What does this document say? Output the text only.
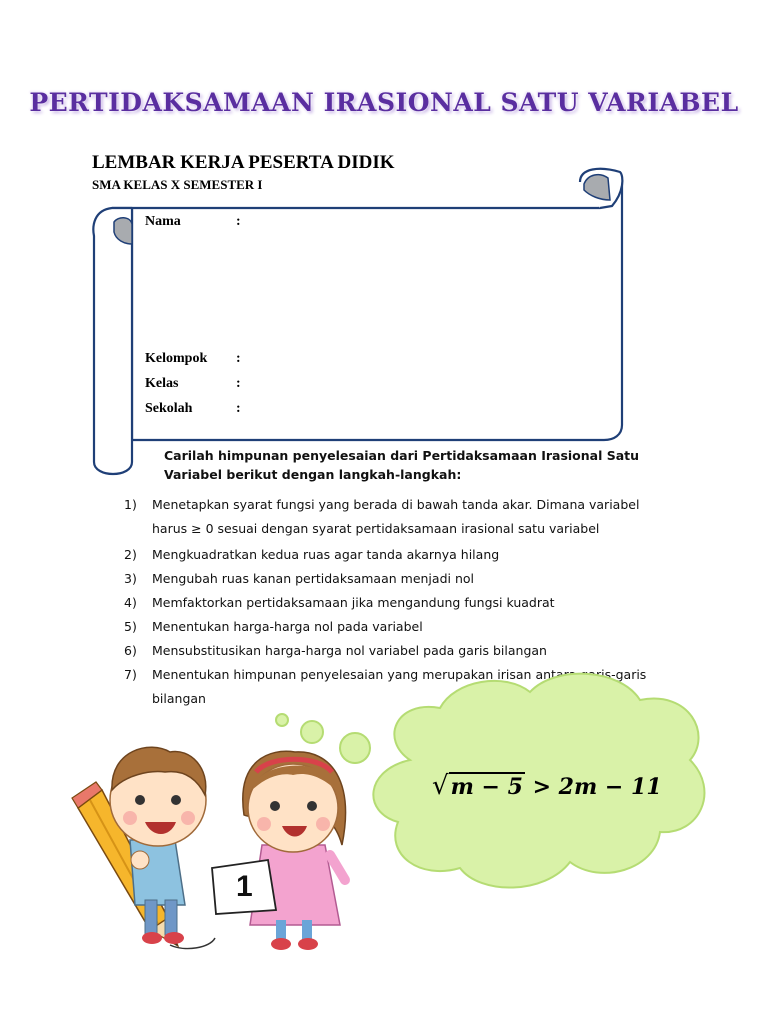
PERTIDAKSAMAAN IRASIONAL SATU VARIABEL
LEMBAR KERJA PESERTA DIDIK
SMA KELAS X SEMESTER I
Nama	:
Kelompok :
Kelas	:
Sekolah	:
Carilah himpunan penyelesaian dari Pertidaksamaan Irasional Satu Variabel berikut dengan langkah-langkah:
1)	Menetapkan syarat fungsi yang berada di bawah tanda akar. Dimana variabel harus ≥ 0 sesuai dengan syarat pertidaksamaan irasional satu variabel
2)	Mengkuadratkan kedua ruas agar tanda akarnya hilang
3)	Mengubah ruas kanan pertidaksamaan menjadi nol
4)	Memfaktorkan pertidaksamaan jika mengandung fungsi kuadrat
5)	Menentukan harga-harga nol pada variabel
6)	Mensubstitusikan harga-harga nol variabel pada garis bilangan
7)	Menentukan himpunan penyelesaian yang merupakan irisan antara garis-garis bilangan
√m − 5 > 2m − 11
1
